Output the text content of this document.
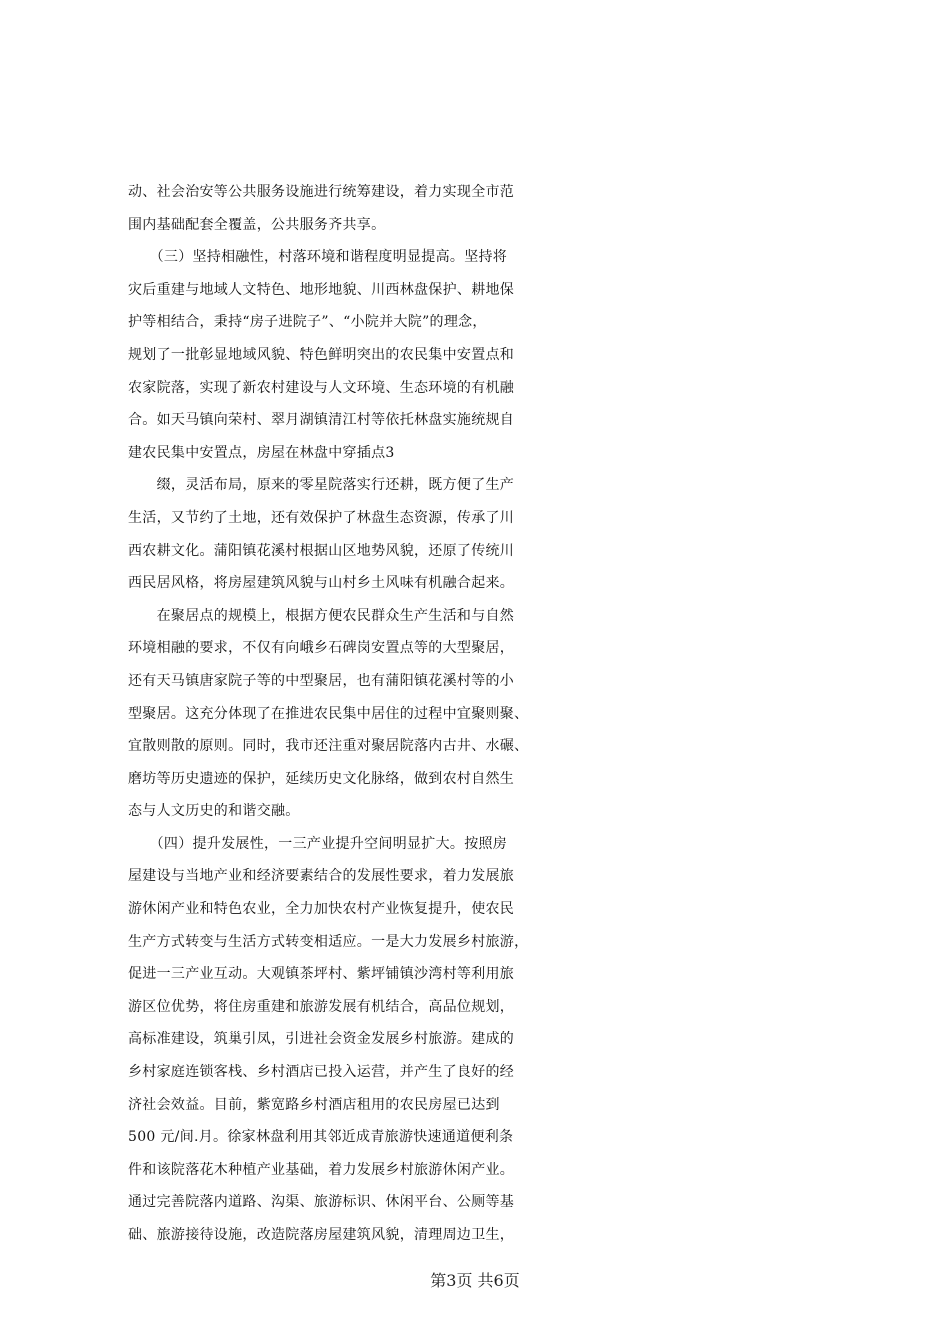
动、社会治安等公共服务设施进行统筹建设，着力实现全市范
围内基础配套全覆盖，公共服务齐共享。
　　（三）坚持相融性，村落环境和谐程度明显提高。坚持将
灾后重建与地域人文特色、地形地貌、川西林盘保护、耕地保
护等相结合，秉持“房子进院子”、“小院并大院”的理念，
规划了一批彰显地域风貌、特色鲜明突出的农民集中安置点和
农家院落，实现了新农村建设与人文环境、生态环境的有机融
合。如天马镇向荣村、翠月湖镇清江村等依托林盘实施统规自
建农民集中安置点，房屋在林盘中穿插点3
　　缀，灵活布局，原来的零星院落实行还耕，既方便了生产
生活，又节约了土地，还有效保护了林盘生态资源，传承了川
西农耕文化。蒲阳镇花溪村根据山区地势风貌，还原了传统川
西民居风格，将房屋建筑风貌与山村乡土风味有机融合起来。
　　在聚居点的规模上，根据方便农民群众生产生活和与自然
环境相融的要求，不仅有向峨乡石碑岗安置点等的大型聚居，
还有天马镇唐家院子等的中型聚居，也有蒲阳镇花溪村等的小
型聚居。这充分体现了在推进农民集中居住的过程中宜聚则聚、
宜散则散的原则。同时，我市还注重对聚居院落内古井、水碾、
磨坊等历史遗迹的保护，延续历史文化脉络，做到农村自然生
态与人文历史的和谐交融。
　　（四）提升发展性，一三产业提升空间明显扩大。按照房
屋建设与当地产业和经济要素结合的发展性要求，着力发展旅
游休闲产业和特色农业，全力加快农村产业恢复提升，使农民
生产方式转变与生活方式转变相适应。一是大力发展乡村旅游，
促进一三产业互动。大观镇茶坪村、紫坪铺镇沙湾村等利用旅
游区位优势，将住房重建和旅游发展有机结合，高品位规划，
高标准建设，筑巢引凤，引进社会资金发展乡村旅游。建成的
乡村家庭连锁客栈、乡村酒店已投入运营，并产生了良好的经
济社会效益。目前，紫宽路乡村酒店租用的农民房屋已达到
500 元/间.月。徐家林盘利用其邻近成青旅游快速通道便利条
件和该院落花木种植产业基础，着力发展乡村旅游休闲产业。
通过完善院落内道路、沟渠、旅游标识、休闲平台、公厕等基
础、旅游接待设施，改造院落房屋建筑风貌，清理周边卫生，
第3页 共6页
